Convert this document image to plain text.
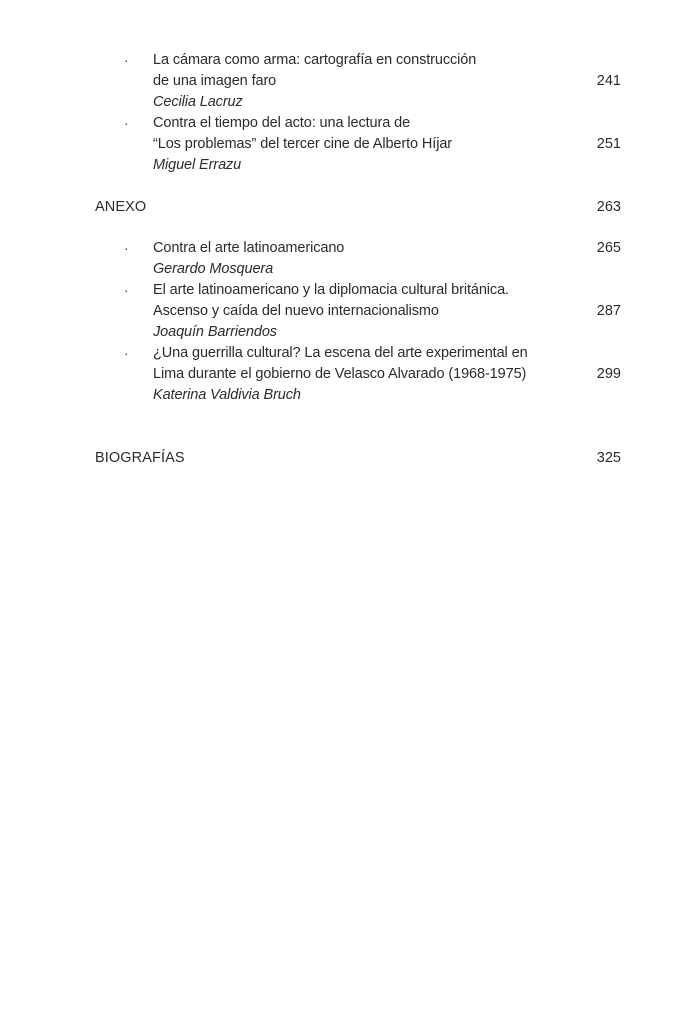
· La cámara como arma: cartografía en construcción
de una imagen faro
Cecilia Lacruz
241
· Contra el tiempo del acto: una lectura de
“Los problemas” del tercer cine de Alberto Híjar
Miguel Errazu
251
ANEXO	263
· Contra el arte latinoamericano
Gerardo Mosquera
265
· El arte latinoamericano y la diplomacia cultural británica.
Ascenso y caída del nuevo internacionalismo
Joaquín Barriendos
287
· ¿Una guerrilla cultural? La escena del arte experimental en
Lima durante el gobierno de Velasco Alvarado (1968-1975)
Katerina Valdivia Bruch
299
BIOGRAFÍAS	325
